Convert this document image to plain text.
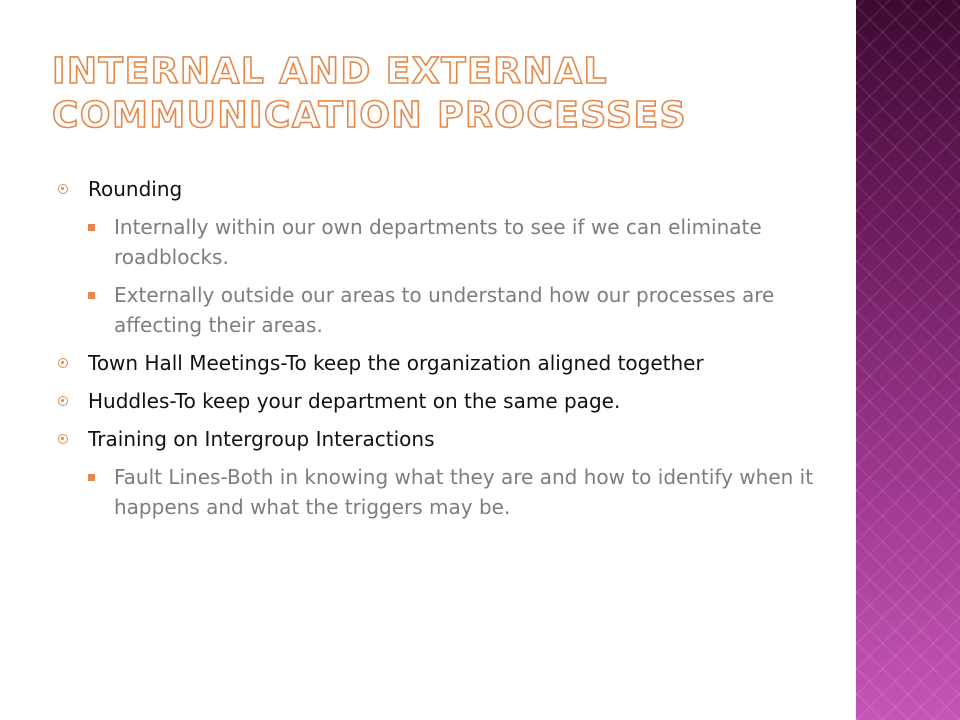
INTERNAL AND EXTERNAL
COMMUNICATION PROCESSES
Rounding
Internally within our own departments to see if we can eliminate roadblocks.
Externally outside our areas to understand how our processes are affecting their areas.
Town Hall Meetings-To keep the organization aligned together
Huddles-To keep your department on the same page.
Training on Intergroup Interactions
Fault Lines-Both in knowing what they are and how to identify when it happens and what the triggers may be.
